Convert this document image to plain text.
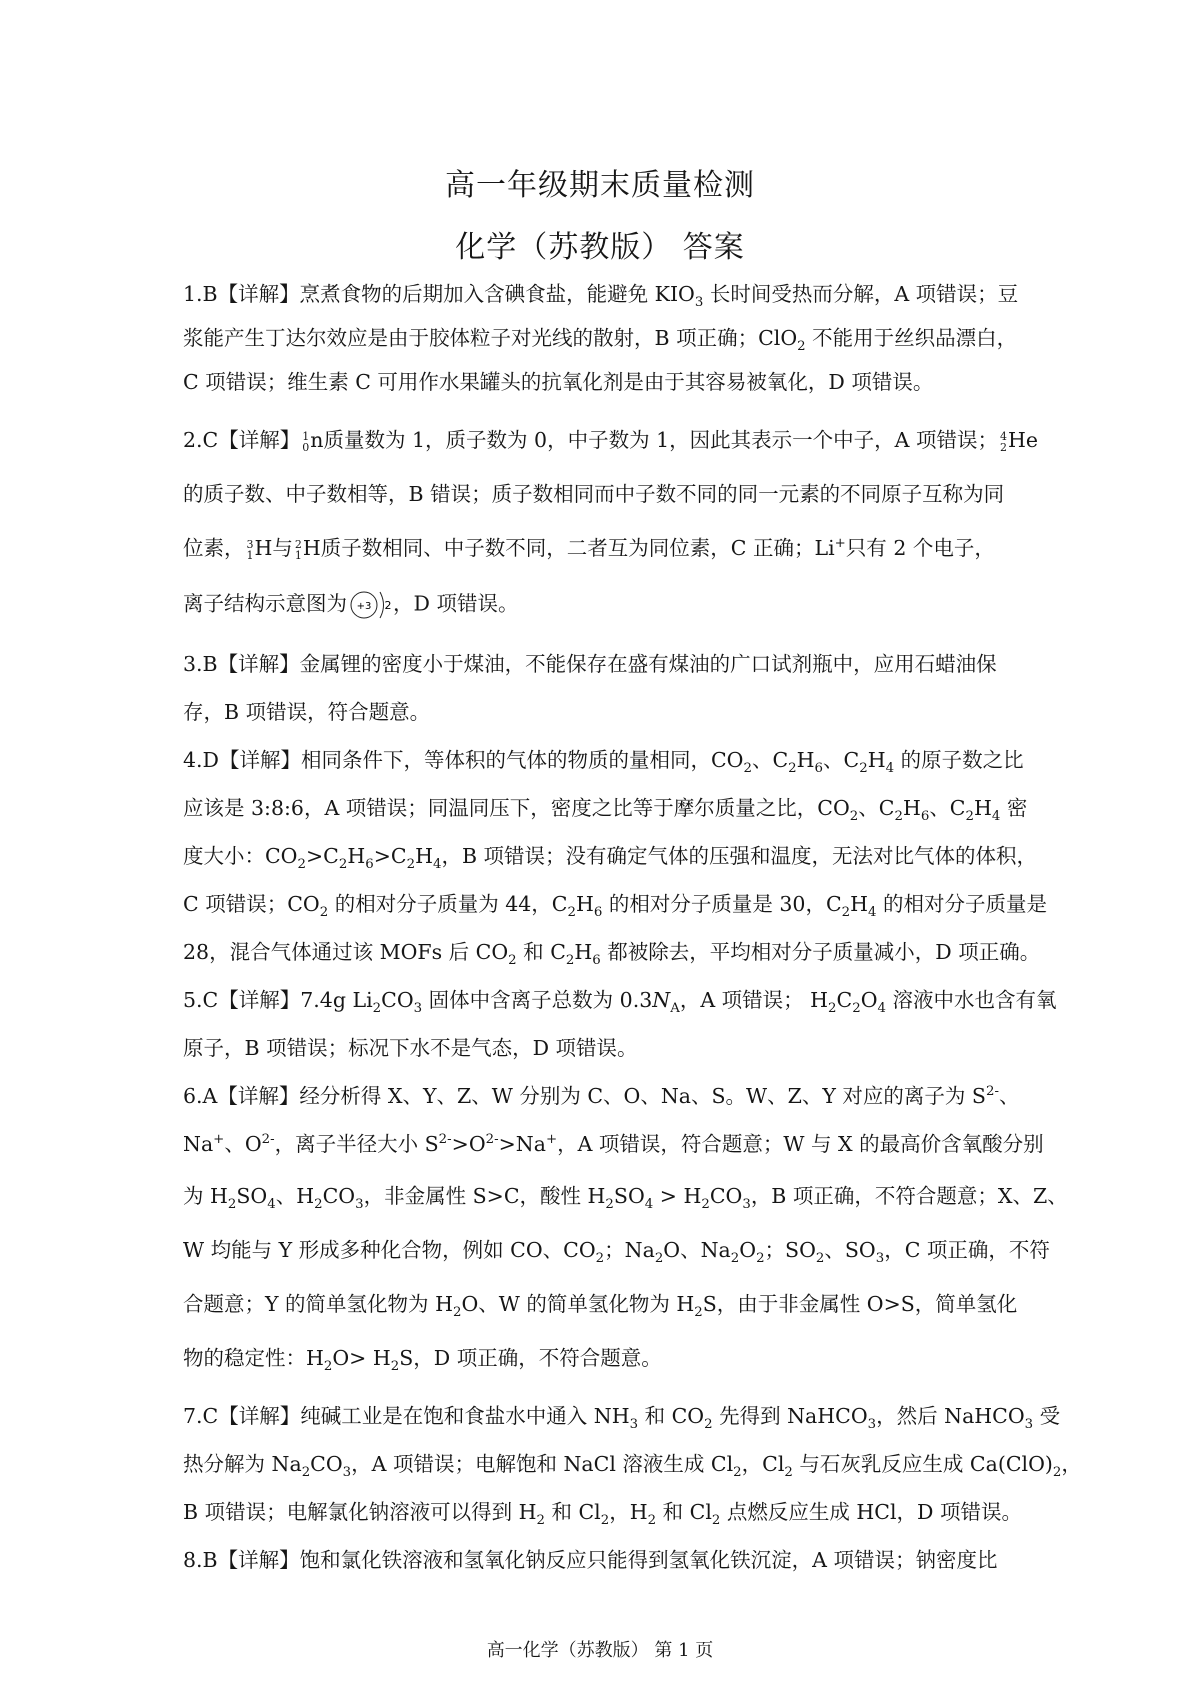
高一年级期末质量检测
化学（苏教版） 答案
1.B【详解】烹煮食物的后期加入含碘食盐，能避免 $KIO_3$ 长时间受热而分解，A 项错误；豆
浆能产生丁达尔效应是由于胶体粒子对光线的散射，B 项正确；ClO$_2$ 不能用于丝织品漂白，
C 项错误；维生素 C 可用作水果罐头的抗氧化剂是由于其容易被氧化，D 项错误。
2.C【详解】 1
0 n质量数为 1，质子数为 0，中子数为 1，因此其表示一个中子，A 项错误； 4
2 He
的质子数、中子数相等，B 错误；质子数相同而中子数不同的同一元素的不同原子互称为同
位素， 3
1 H与 2
1 H质子数相同、中子数不同，二者互为同位素，C 正确；Li+只有 2 个电子，
离子结构示意图为 +3 2 ，D 项错误。
3.B【详解】金属锂的密度小于煤油，不能保存在盛有煤油的广口试剂瓶中，应用石蜡油保
存，B 项错误，符合题意。
4.D【详解】相同条件下，等体积的气体的物质的量相同，$CO_2$、$C_2H_6$、$C_2H_4$ 的原子数之比
应该是 3:8:6，A 项错误；同温同压下，密度之比等于摩尔质量之比，$CO_2$、$C_2H_6$、$C_2H_4$ 密
度大小：$CO_2>C_2H_6>C_2H_4$，B 项错误；没有确定气体的压强和温度，无法对比气体的体积，
C 项错误；$CO_2$ 的相对分子质量为 44，$C_2H_6$ 的相对分子质量是 30，$C_2H_4$ 的相对分子质量是
28，混合气体通过该 MOFs 后 $CO_2$ 和 $C_2H_6$ 都被除去，平均相对分子质量减小，D 项正确。
5.C【详解】7.4g $Li_2CO_3$ 固体中含离子总数为 $0.3N_A$，A 项错误； $H_2C_2O_4$ 溶液中水也含有氧
原子，B 项错误；标况下水不是气态，D 项错误。
6.A【详解】经分析得 X、Y、Z、W 分别为 C、O、Na、S。W、Z、Y 对应的离子为 $S^{2-}$、
Na+、$O^{2-}$，离子半径大小 $S^{2-}>O^{2-}>Na^+$，A 项错误，符合题意；W 与 X 的最高价含氧酸分别
为 $H_2SO_4$、$H_2CO_3$，非金属性 S>C，酸性 $H_2SO_4 > H_2CO_3$，B 项正确，不符合题意；X、Z、
W 均能与 Y 形成多种化合物，例如 CO、$CO_2$；$Na_2O$、$Na_2O_2$；$SO_2$、$SO_3$，C 项正确，不符
合题意；Y 的简单氢化物为 $H_2O$、W 的简单氢化物为 $H_2S$，由于非金属性 O>S，简单氢化
物的稳定性：$H_2O> H_2S$，D 项正确，不符合题意。
7.C【详解】纯碱工业是在饱和食盐水中通入 $NH_3$ 和 $CO_2$ 先得到 NaHCO$_3$，然后 NaHCO$_3$ 受
热分解为 $Na_2CO_3$，A 项错误；电解饱和 NaCl 溶液生成 $Cl_2$，$Cl_2$ 与石灰乳反应生成 $Ca(ClO)_2$，
B 项错误；电解氯化钠溶液可以得到 $H_2$ 和 $Cl_2$，$H_2$ 和 $Cl_2$ 点燃反应生成 HCl，D 项错误。
8.B【详解】饱和氯化铁溶液和氢氧化钠反应只能得到氢氧化铁沉淀，A 项错误；钠密度比
高一化学（苏教版） 第 1 页
